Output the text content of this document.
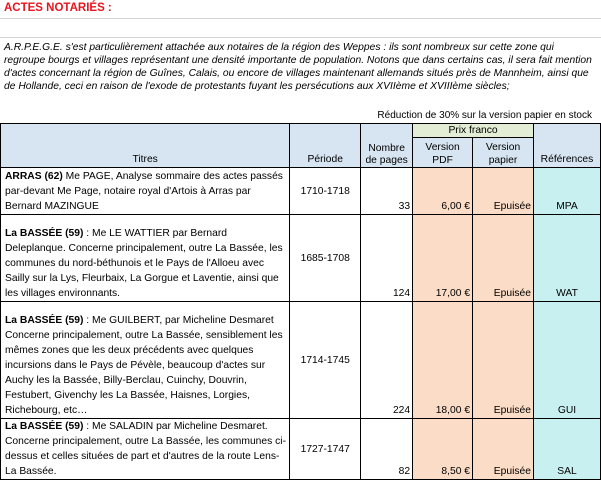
ACTES NOTARIÉS :
A.R.P.E.G.E. s'est particulièrement attachée aux notaires de la région des Weppes : ils sont nombreux sur cette zone qui regroupe bourgs et villages représentant une densité importante de population. Notons que dans certains cas, il sera fait mention d'actes concernant la région de Guînes, Calais, ou encore de villages maintenant allemands situés près de Mannheim, ainsi que de Hollande, ceci en raison de l'exode de protestants fuyant les persécutions aux XVIIème et XVIIIème siècles;
Réduction de 30% sur la version papier en stock
Titres	Période	Nombre de pages	Prix franco		Références
			Version PDF	Version papier	
ARRAS (62) Me PAGE, Analyse sommaire des actes passés par-devant Me Page, notaire royal d'Artois à Arras par Bernard MAZINGUE	1710-1718	33	6,00 €	Epuisée	MPA
La BASSÉE (59) : Me LE WATTIER par Bernard Deleplanque. Concerne principalement, outre La Bassée, les communes du nord-béthunois et le Pays de l'Alloeu avec Sailly sur la Lys, Fleurbaix, La Gorgue et Laventie, ainsi que les villages environnants.	1685-1708	124	17,00 €	Epuisée	WAT
La BASSÉE (59) : Me GUILBERT, par Micheline Desmaret Concerne principalement, outre La Bassée, sensiblement les mêmes zones que les deux précédents avec quelques incursions dans le Pays de Pévèle, beaucoup d'actes sur Auchy les la Bassée, Billy-Berclau, Cuinchy, Douvrin, Festubert, Givenchy les La Bassée, Haisnes, Lorgies, Richebourg, etc…	1714-1745	224	18,00 €	Epuisée	GUI
La BASSÉE (59) : Me SALADIN par Micheline Desmaret. Concerne principalement, outre La Bassée, les communes ci-dessus et celles situées de part et d'autres de la route Lens-La Bassée.	1727-1747	82	8,50 €	Epuisée	SAL
